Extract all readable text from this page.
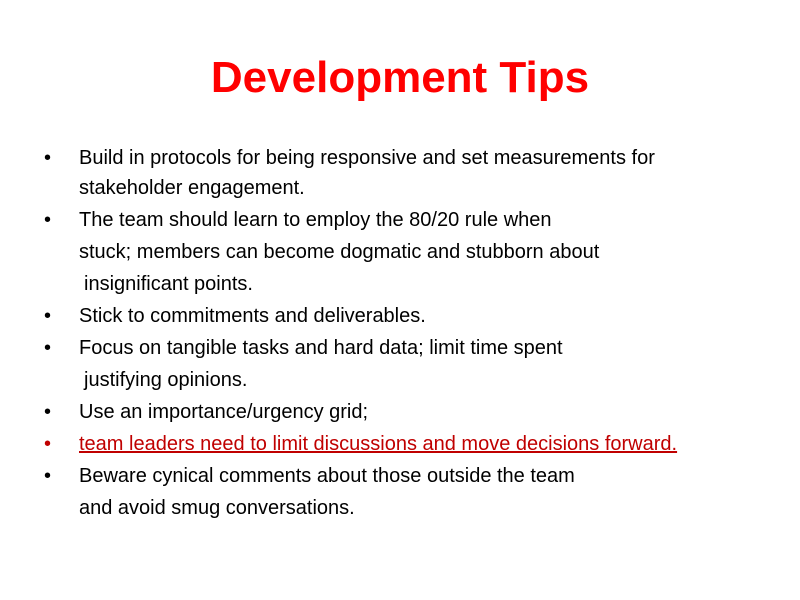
Development Tips
•	Build in protocols for being responsive and set measurements for
stakeholder engagement.
•	The team should learn to employ the 80/20 rule when
stuck; members can become dogmatic and stubborn about
insignificant points.
•	Stick to commitments and deliverables.
•	Focus on tangible tasks and hard data; limit time spent
justifying opinions.
•	Use an importance/urgency grid;
•	team leaders need to limit discussions and move decisions forward.
•	Beware cynical comments about those outside the team
and avoid smug conversations.
